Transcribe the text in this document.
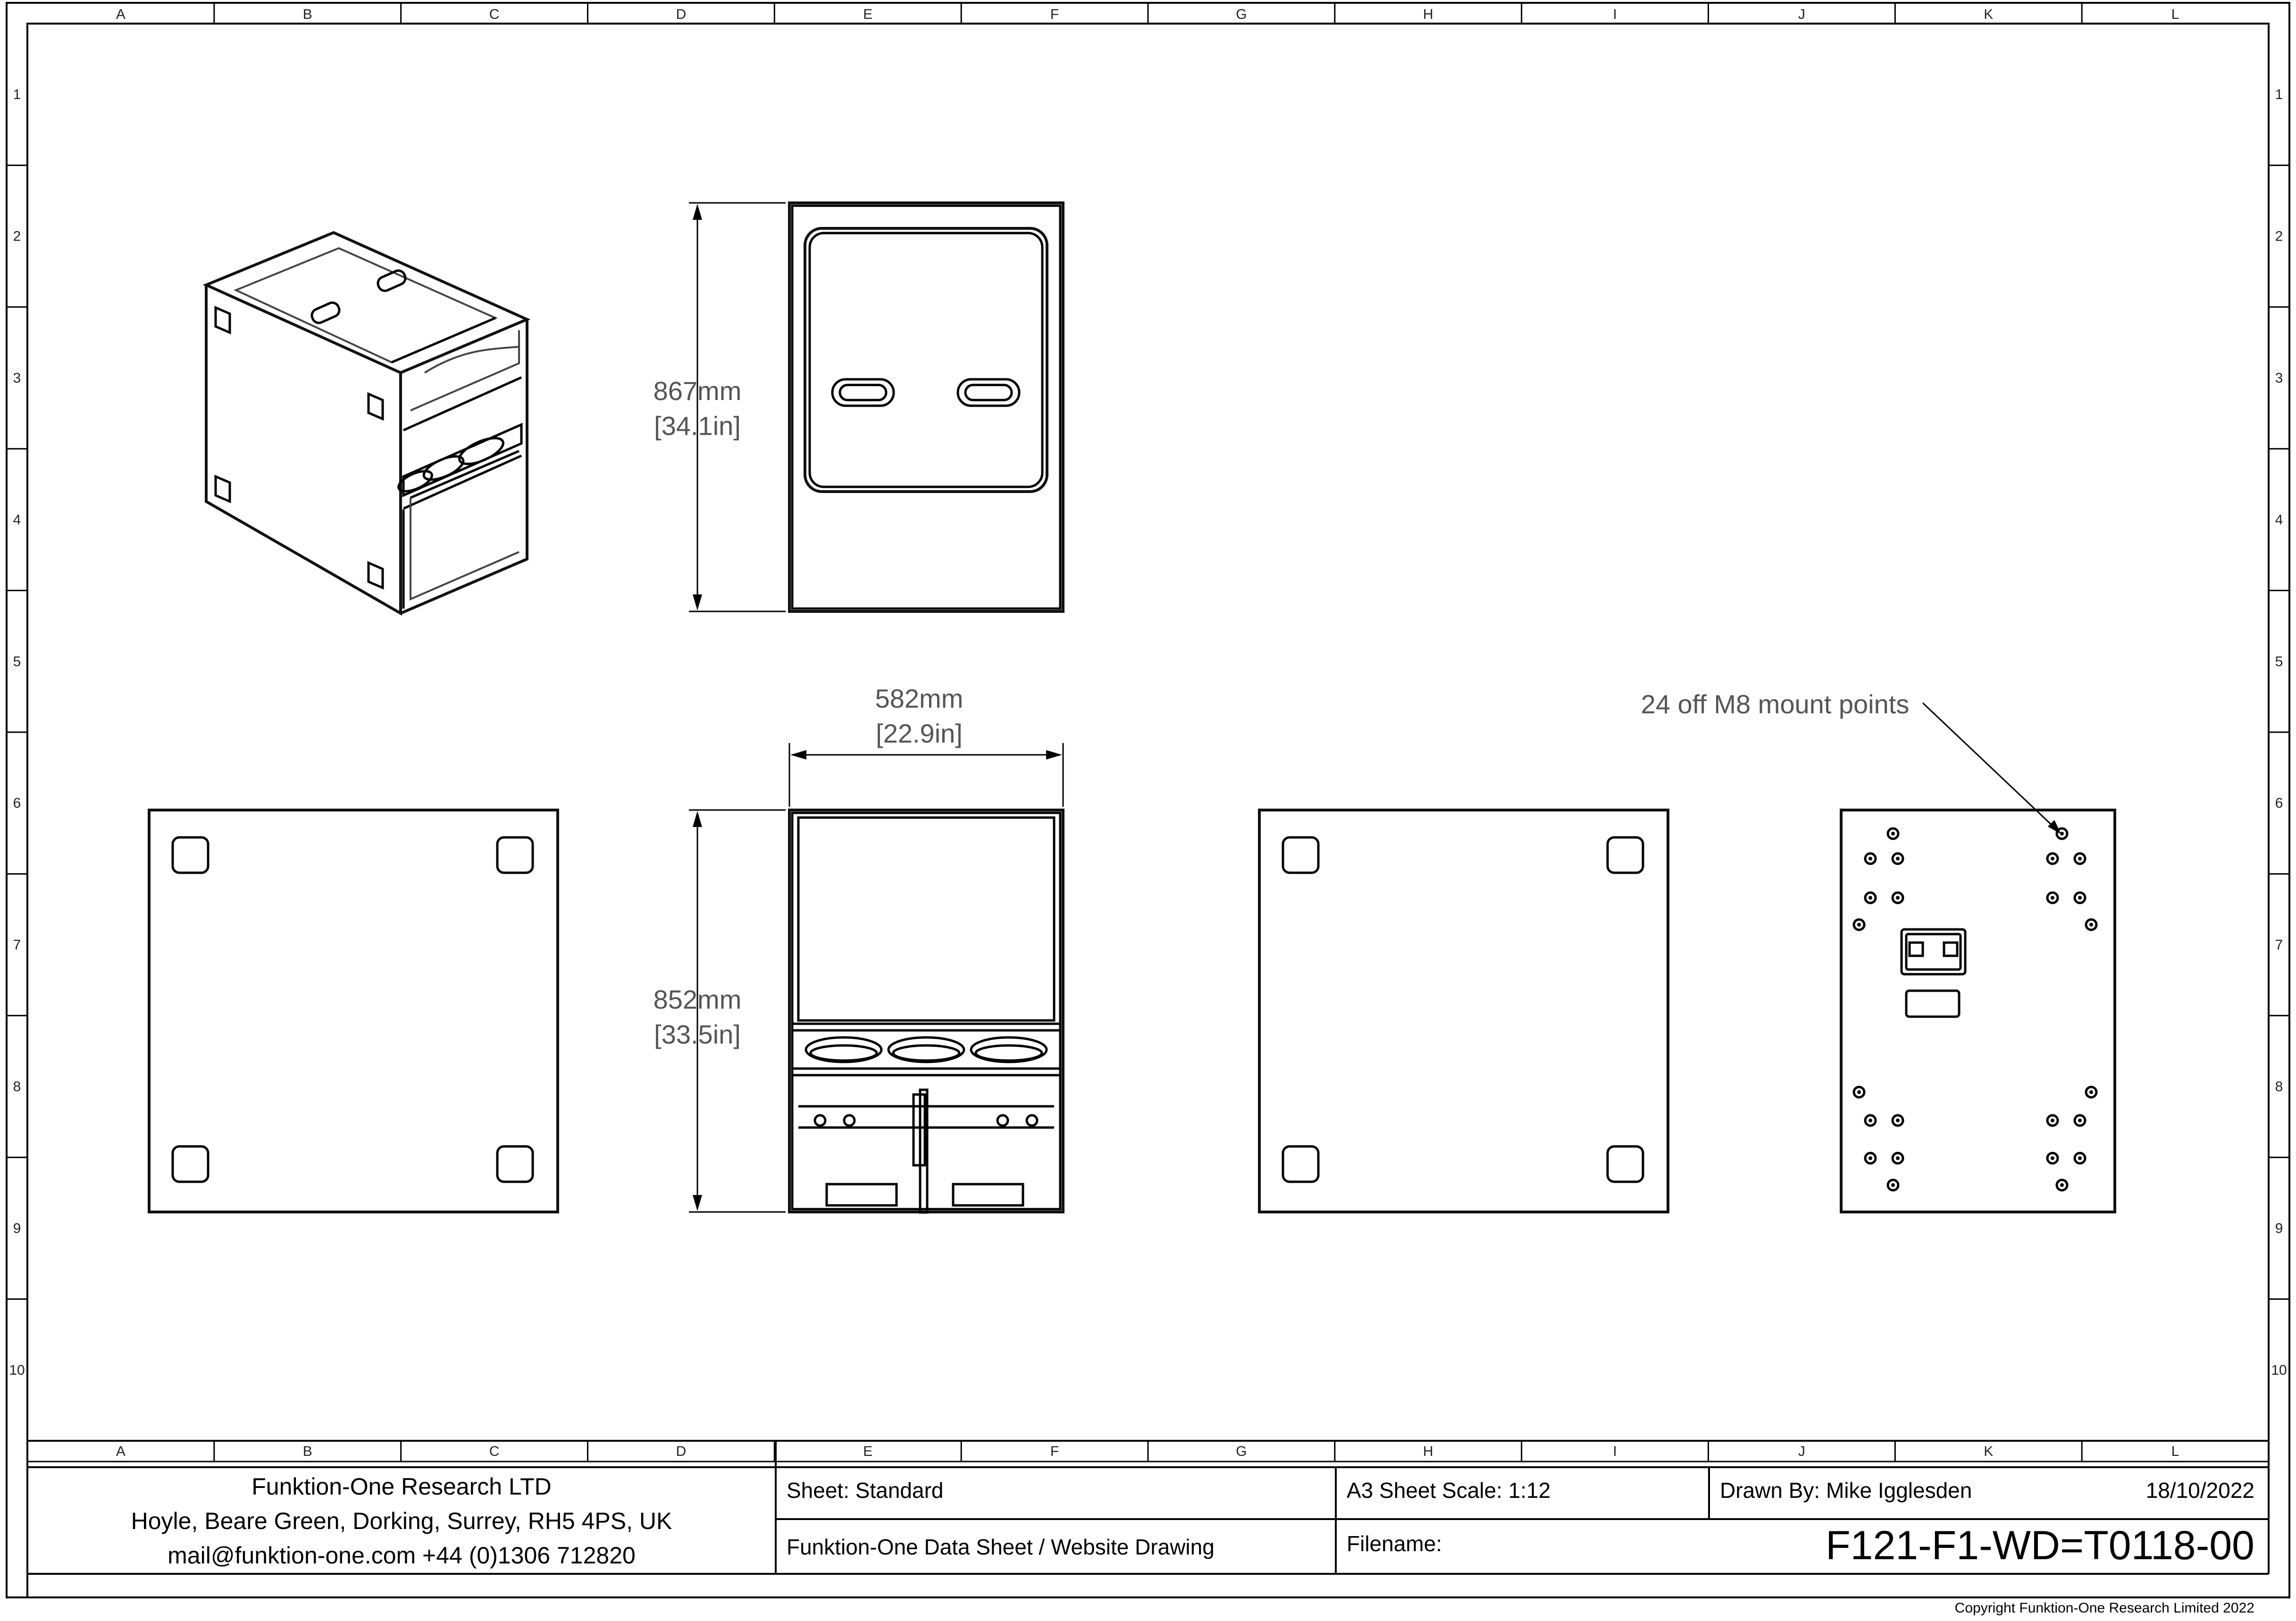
A	B	C	D	E	F	G	H	I	J	K	L
A	B	C	D	E	F	G	H	I	J	K	L
1
2
3
4
5
6
7
8
9
10
1
2
3
4
5
6
7
8
9
10
867mm
[34.1in]
582mm
[22.9in]
852mm
[33.5in]
24 off M8 mount points
Funktion-One Research LTD
Hoyle, Beare Green, Dorking, Surrey, RH5 4PS, UK
mail@funktion-one.com +44 (0)1306 712820
Sheet: Standard
Funktion-One Data Sheet / Website Drawing
A3 Sheet Scale: 1:12
Filename:
Drawn By: Mike Igglesden	18/10/2022
F121-F1-WD=T0118-00
Copyright Funktion-One Research Limited 2022
